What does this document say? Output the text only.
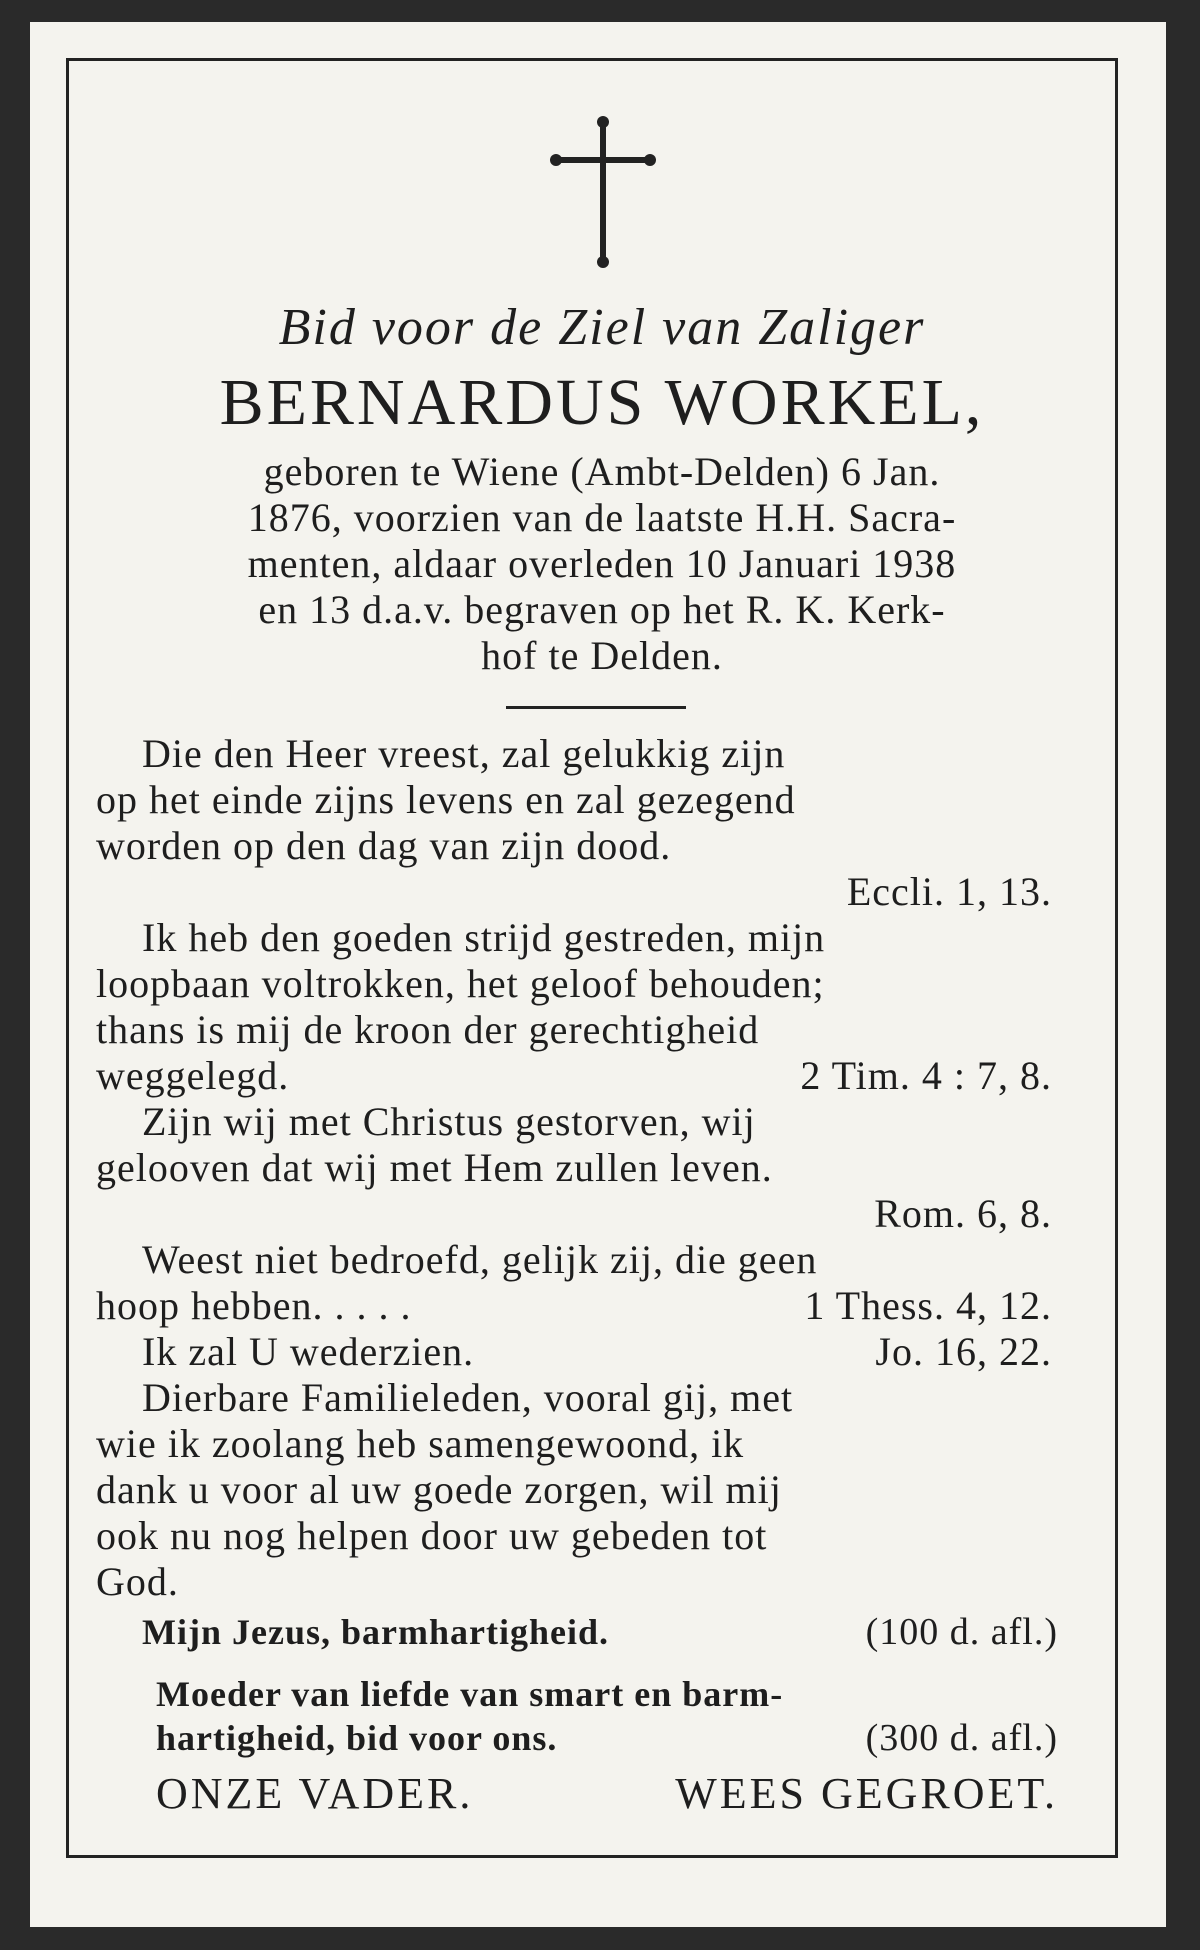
Bid voor de Ziel van Zaliger
BERNARDUS WORKEL,
geboren te Wiene (Ambt-Delden) 6 Jan.
1876, voorzien van de laatste H.H. Sacra-
menten, aldaar overleden 10 Januari 1938
en 13 d.a.v. begraven op het R. K. Kerk-
hof te Delden.
Die den Heer vreest, zal gelukkig zijn
op het einde zijns levens en zal gezegend
worden op den dag van zijn dood.
Eccli. 1, 13.
Ik heb den goeden strijd gestreden, mijn
loopbaan voltrokken, het geloof behouden;
thans is mij de kroon der gerechtigheid
weggelegd.	2 Tim. 4 : 7, 8.
Zijn wij met Christus gestorven, wij
gelooven dat wij met Hem zullen leven.
Rom. 6, 8.
Weest niet bedroefd, gelijk zij, die geen
hoop hebben. . . . .	1 Thess. 4, 12.
Ik zal U wederzien.	Jo. 16, 22.
Dierbare Familieleden, vooral gij, met
wie ik zoolang heb samengewoond, ik
dank u voor al uw goede zorgen, wil mij
ook nu nog helpen door uw gebeden tot
God.
Mijn Jezus, barmhartigheid.	(100 d. afl.)
Moeder van liefde van smart en barm-
hartigheid, bid voor ons.	(300 d. afl.)
ONZE VADER.	WEES GEGROET.
